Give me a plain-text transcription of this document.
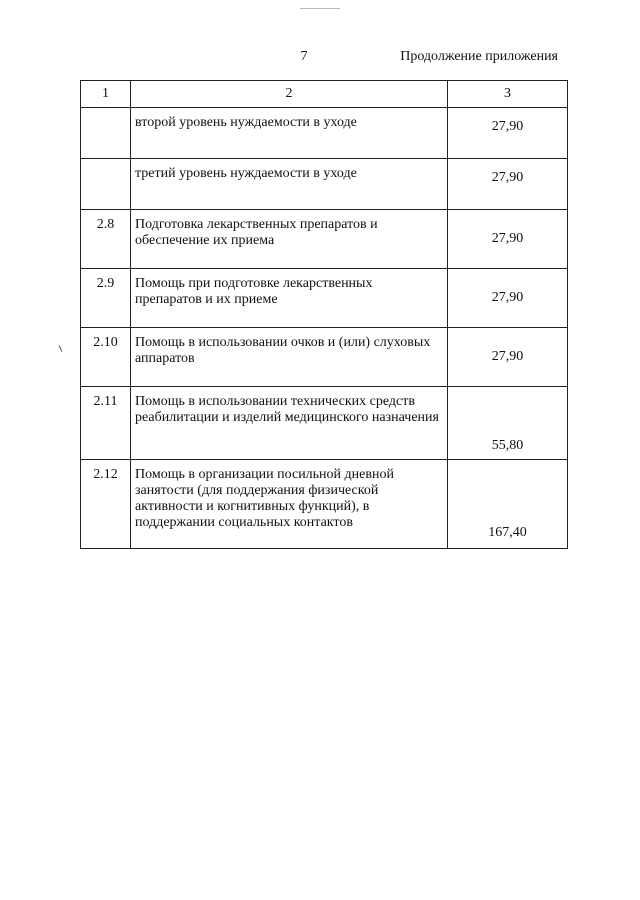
7	Продолжение приложения
1	2	3
	второй уровень нуждаемости в уходе	27,90
	третий уровень нуждаемости в уходе	27,90
2.8	Подготовка лекарственных препаратов и обеспечение их приема	27,90
2.9	Помощь при подготовке лекарственных препаратов и их приеме	27,90
2.10	Помощь в использовании очков и (или) слуховых аппаратов	27,90
2.11	Помощь в использовании технических средств реабилитации и изделий медицинского назначения	55,80
2.12	Помощь в организации посильной дневной занятости (для поддержания физической активности и когнитивных функций), в поддержании социальных контактов	167,40
